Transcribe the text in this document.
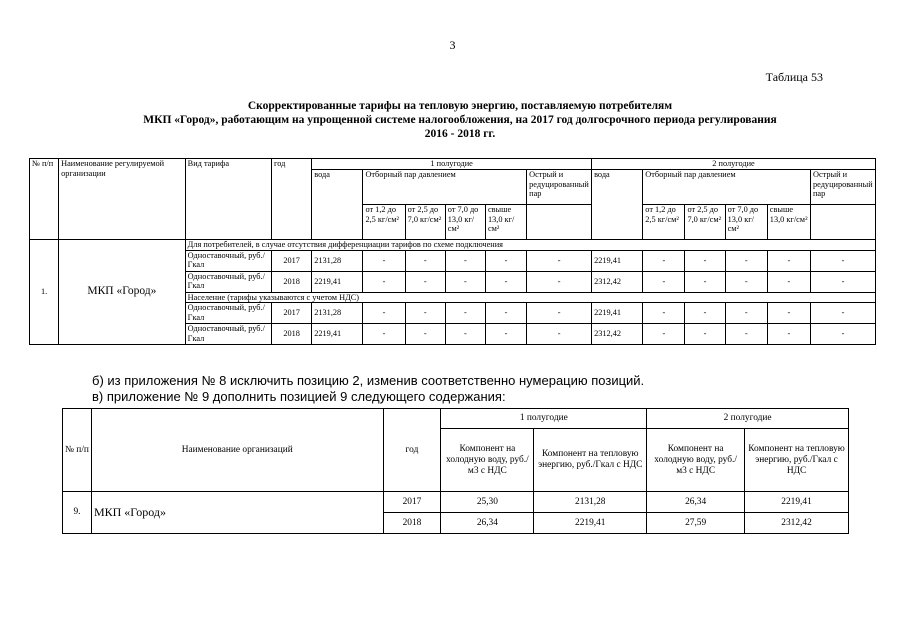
3
Таблица 53
Скорректированные тарифы на тепловую энергию, поставляемую потребителям
МКП «Город», работающим на упрощенной системе налогообложения, на 2017 год долгосрочного периода регулирования
2016 - 2018 гг.
№ п/п	Наименование регулируемой организации	Вид тарифа	год	1 полугодие						2 полугодие					
				вода	Отборный пар давлением				Острый и редуцированный пар	вода	Отборный пар давлением				Острый и редуцированный пар
					от 1,2 до 2,5 кг/см²	от 2,5 до 7,0 кг/см²	от 7,0 до 13,0 кг/см²	свыше 13,0 кг/см²			от 1,2 до 2,5 кг/см²	от 2,5 до 7,0 кг/см²	от 7,0 до 13,0 кг/см²	свыше 13,0 кг/см²	
1.	МКП «Город»	Для потребителей, в случае отсутствия дифференциации тарифов по схеме подключения													
		Одноставочный, руб./Гкал	2017	2131,28	-	-	-	-	-	2219,41	-	-	-	-	-
		Одноставочный, руб./Гкал	2018	2219,41	-	-	-	-	-	2312,42	-	-	-	-	-
		Население (тарифы указываются с учетом НДС)													
		Одноставочный, руб./Гкал	2017	2131,28	-	-	-	-	-	2219,41	-	-	-	-	-
		Одноставочный, руб./Гкал	2018	2219,41	-	-	-	-	-	2312,42	-	-	-	-	-
б) из приложения № 8 исключить позицию 2, изменив соответственно нумерацию позиций.
в) приложение № 9 дополнить позицией 9 следующего содержания:
№ п/п	Наименование организаций	год	1 полугодие		2 полугодие	
			Компонент на холодную воду, руб./м3 с НДС	Компонент на тепловую энергию, руб./Гкал с НДС	Компонент на холодную воду, руб./м3 с НДС	Компонент на тепловую энергию, руб./Гкал с НДС
9.	МКП «Город»	2017	25,30	2131,28	26,34	2219,41
		2018	26,34	2219,41	27,59	2312,42
